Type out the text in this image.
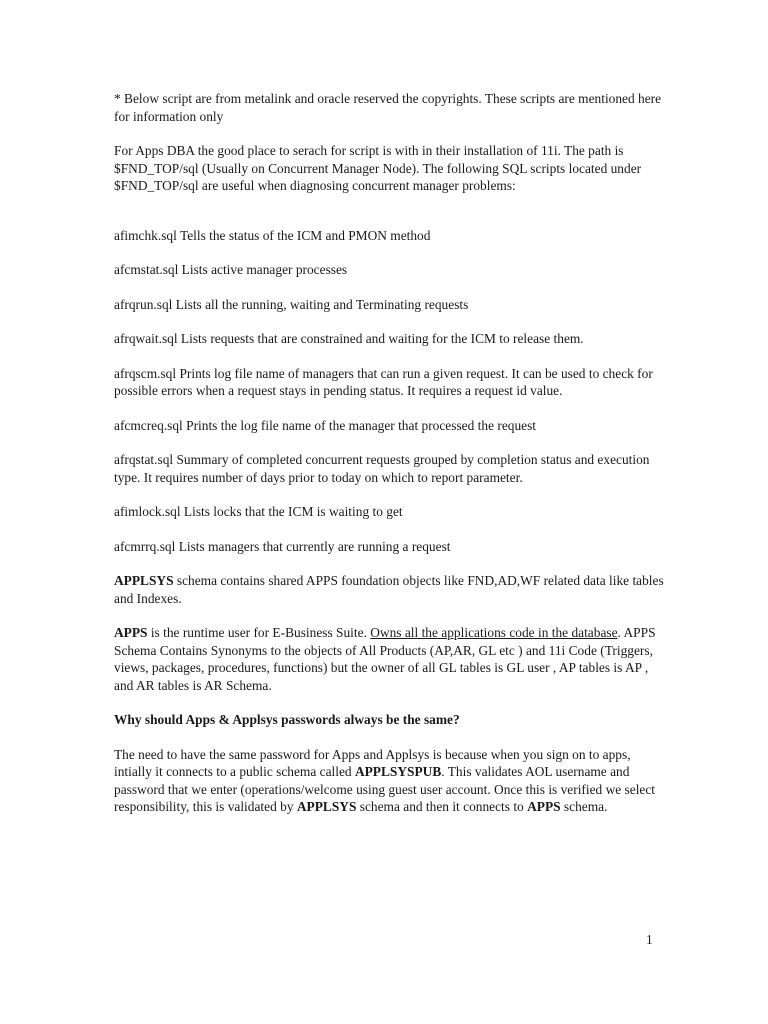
* Below script are from metalink and oracle reserved the copyrights. These scripts are mentioned here for information only

For Apps DBA the good place to serach for script is with in their installation of 11i. The path is $FND_TOP/sql (Usually on Concurrent Manager Node). The following SQL scripts located under $FND_TOP/sql are useful when diagnosing concurrent manager problems:

afimchk.sql Tells the status of the ICM and PMON method

afcmstat.sql Lists active manager processes

afrqrun.sql Lists all the running, waiting and Terminating requests

afrqwait.sql Lists requests that are constrained and waiting for the ICM to release them.

afrqscm.sql Prints log file name of managers that can run a given request. It can be used to check for possible errors when a request stays in pending status. It requires a request id value.

afcmcreq.sql Prints the log file name of the manager that processed the request

afrqstat.sql Summary of completed concurrent requests grouped by completion status and execution type. It requires number of days prior to today on which to report parameter.

afimlock.sql Lists locks that the ICM is waiting to get

afcmrrq.sql Lists managers that currently are running a request

APPLSYS schema contains shared APPS foundation objects like FND,AD,WF related data like tables and Indexes.

APPS is the runtime user for E-Business Suite. Owns all the applications code in the database. APPS Schema Contains Synonyms to the objects of All Products (AP,AR, GL etc ) and 11i Code (Triggers, views, packages, procedures, functions) but the owner of all GL tables is GL user , AP tables is AP , and AR tables is AR Schema.

Why should Apps & Applsys passwords always be the same?

The need to have the same password for Apps and Applsys is because when you sign on to apps, intially it connects to a public schema called APPLSYSPUB. This validates AOL username and password that we enter (operations/welcome using guest user account. Once this is verified we select responsibility, this is validated by APPLSYS schema and then it connects to APPS schema.

1
